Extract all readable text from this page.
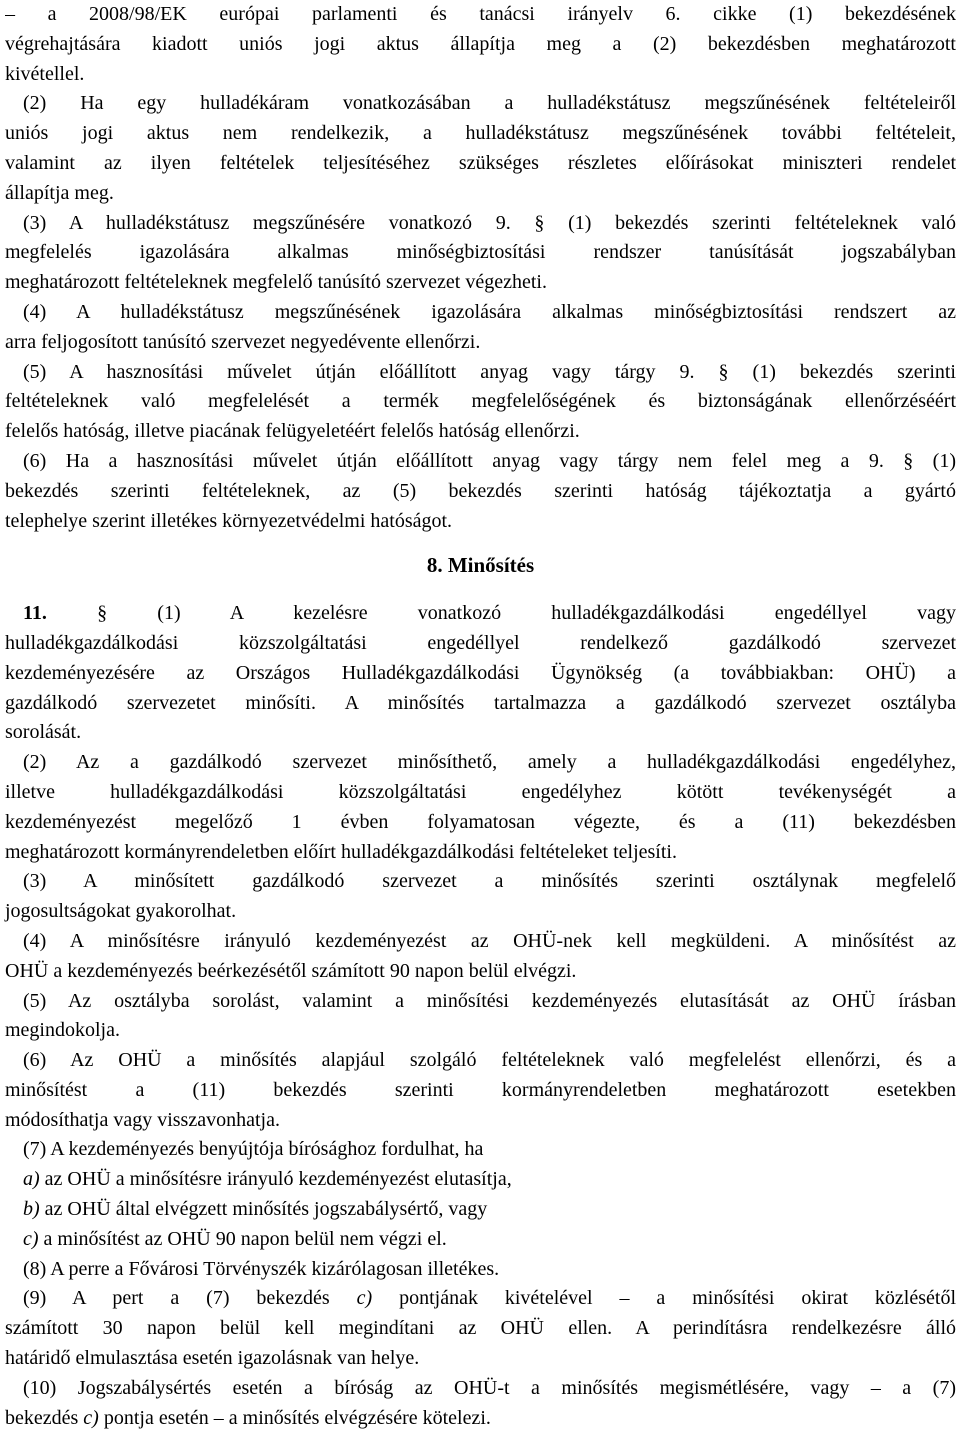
– a 2008/98/EK európai parlamenti és tanácsi irányelv 6. cikke (1) bekezdésének
végrehajtására kiadott uniós jogi aktus állapítja meg a (2) bekezdésben meghatározott
kivétellel.
(2) Ha egy hulladékáram vonatkozásában a hulladékstátusz megszűnésének feltételeiről
uniós jogi aktus nem rendelkezik, a hulladékstátusz megszűnésének további feltételeit,
valamint az ilyen feltételek teljesítéséhez szükséges részletes előírásokat miniszteri rendelet
állapítja meg.
(3) A hulladékstátusz megszűnésére vonatkozó 9. § (1) bekezdés szerinti feltételeknek való
megfelelés igazolására alkalmas minőségbiztosítási rendszer tanúsítását jogszabályban
meghatározott feltételeknek megfelelő tanúsító szervezet végezheti.
(4) A hulladékstátusz megszűnésének igazolására alkalmas minőségbiztosítási rendszert az
arra feljogosított tanúsító szervezet negyedévente ellenőrzi.
(5) A hasznosítási művelet útján előállított anyag vagy tárgy 9. § (1) bekezdés szerinti
feltételeknek való megfelelését a termék megfelelőségének és biztonságának ellenőrzéséért
felelős hatóság, illetve piacának felügyeletéért felelős hatóság ellenőrzi.
(6) Ha a hasznosítási művelet útján előállított anyag vagy tárgy nem felel meg a 9. § (1)
bekezdés szerinti feltételeknek, az (5) bekezdés szerinti hatóság tájékoztatja a gyártó
telephelye szerint illetékes környezetvédelmi hatóságot.
8. Minősítés
11.	§ (1) A kezelésre vonatkozó hulladékgazdálkodási engedéllyel vagy
hulladékgazdálkodási közszolgáltatási engedéllyel rendelkező gazdálkodó szervezet
kezdeményezésére az Országos Hulladékgazdálkodási Ügynökség (a továbbiakban: OHÜ) a
gazdálkodó szervezetet minősíti. A minősítés tartalmazza a gazdálkodó szervezet osztályba
sorolását.
(2) Az a gazdálkodó szervezet minősíthető, amely a hulladékgazdálkodási engedélyhez,
illetve hulladékgazdálkodási közszolgáltatási engedélyhez kötött tevékenységét a
kezdeményezést megelőző 1 évben folyamatosan végezte, és a (11) bekezdésben
meghatározott kormányrendeletben előírt hulladékgazdálkodási feltételeket teljesíti.
(3) A minősített gazdálkodó szervezet a minősítés szerinti osztálynak megfelelő
jogosultságokat gyakorolhat.
(4) A minősítésre irányuló kezdeményezést az OHÜ-nek kell megküldeni. A minősítést az
OHÜ a kezdeményezés beérkezésétől számított 90 napon belül elvégzi.
(5) Az osztályba sorolást, valamint a minősítési kezdeményezés elutasítását az OHÜ írásban
megindokolja.
(6) Az OHÜ a minősítés alapjául szolgáló feltételeknek való megfelelést ellenőrzi, és a
minősítést a (11) bekezdés szerinti kormányrendeletben meghatározott esetekben
módosíthatja vagy visszavonhatja.
(7) A kezdeményezés benyújtója bírósághoz fordulhat, ha
a) az OHÜ a minősítésre irányuló kezdeményezést elutasítja,
b) az OHÜ által elvégzett minősítés jogszabálysértő, vagy
c) a minősítést az OHÜ 90 napon belül nem végzi el.
(8) A perre a Fővárosi Törvényszék kizárólagosan illetékes.
(9) A pert a (7) bekezdés c) pontjának kivételével – a minősítési okirat közlésétől
számított 30 napon belül kell megindítani az OHÜ ellen. A perindításra rendelkezésre álló
határidő elmulasztása esetén igazolásnak van helye.
(10) Jogszabálysértés esetén a bíróság az OHÜ-t a minősítés megismétlésére, vagy – a (7)
bekezdés c) pontja esetén – a minősítés elvégzésére kötelezi.
